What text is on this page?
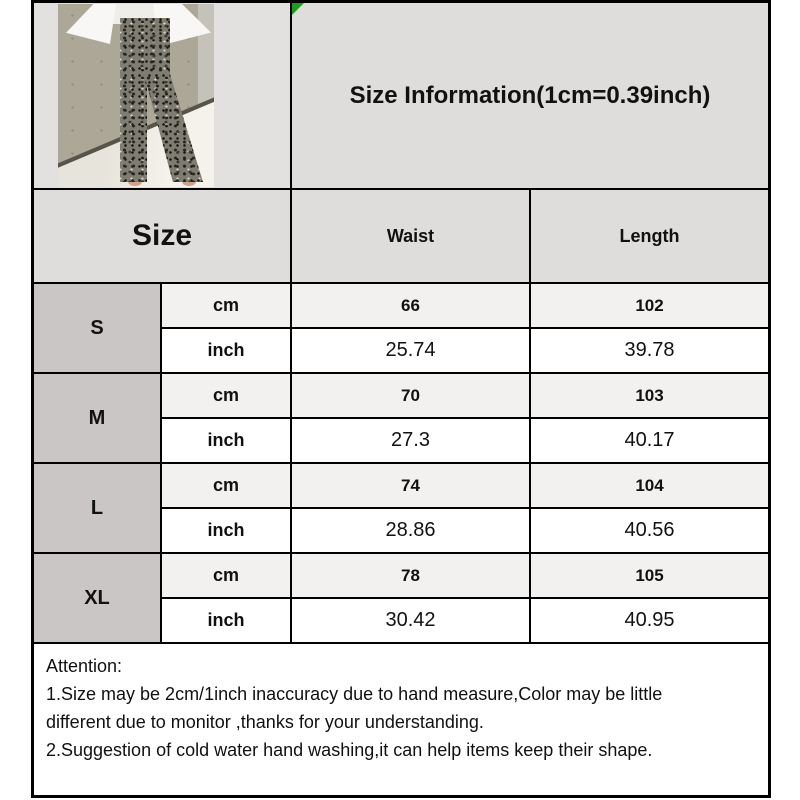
Size Information(1cm=0.39inch)
Size	Waist	Length
S
cm	66	102
inch	25.74	39.78
M
cm	70	103
inch	27.3	40.17
L
cm	74	104
inch	28.86	40.56
XL
cm	78	105
inch	30.42	40.95
Attention:
1.Size may be 2cm/1inch inaccuracy due to hand measure,Color may be little
different due to monitor ,thanks for your understanding.
2.Suggestion of cold water hand washing,it can help items keep their shape.
